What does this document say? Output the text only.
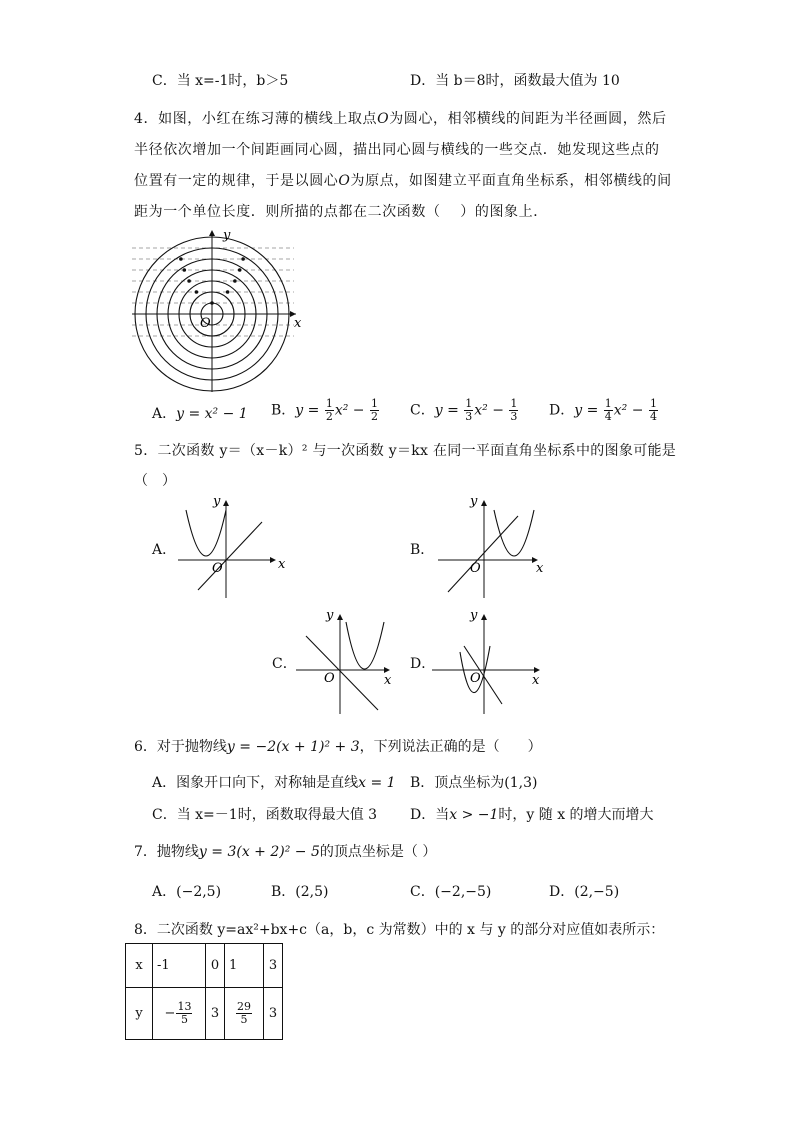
C．当 x=-1时，b＞5	D．当 b＝8时，函数最大值为 10
4．如图，小红在练习薄的横线上取点O为圆心，相邻横线的间距为半径画圆，然后半径依次增加一个间距画同心圆，描出同心圆与横线的一些交点．她发现这些点的位置有一定的规律，于是以圆心O为原点，如图建立平面直角坐标系，相邻横线的间距为一个单位长度．则所描的点都在二次函数（　 ）的图象上．
y
x
O
A．y = x² − 1 B．$y = \frac{1}{2} x^2 - \frac{1}{2}$ C．$y = \frac{1}{3} x^2 - \frac{1}{3}$ D．$y = \frac{1}{4} x^2 - \frac{1}{4}$
5．二次函数 y＝（x－k）² 与一次函数 y＝kx 在同一平面直角坐标系中的图象可能是
（　）
A．
y
x
O
B．
y
x
O
C．
y
x
O
D．
y
x
O
6．对于抛物线y = −2(x + 1)² + 3，下列说法正确的是（　　）
A．图象开口向下，对称轴是直线x = 1 B．顶点坐标为(1,3)
C．当 x=－1时，函数取得最大值 3 D．当x > −1时，y 随 x 的增大而增大
7．抛物线y = 3(x + 2)² − 5的顶点坐标是（ ）
A．(−2,5)	B．(2,5)	C．(−2,−5)	D．(2,−5)
8．二次函数 y=ax²+bx+c（a，b，c 为常数）中的 x 与 y 的部分对应值如表所示：
x	-1	0	1	3
y	− $\frac{13}{5}$	3	$\frac{29}{5}$	3
